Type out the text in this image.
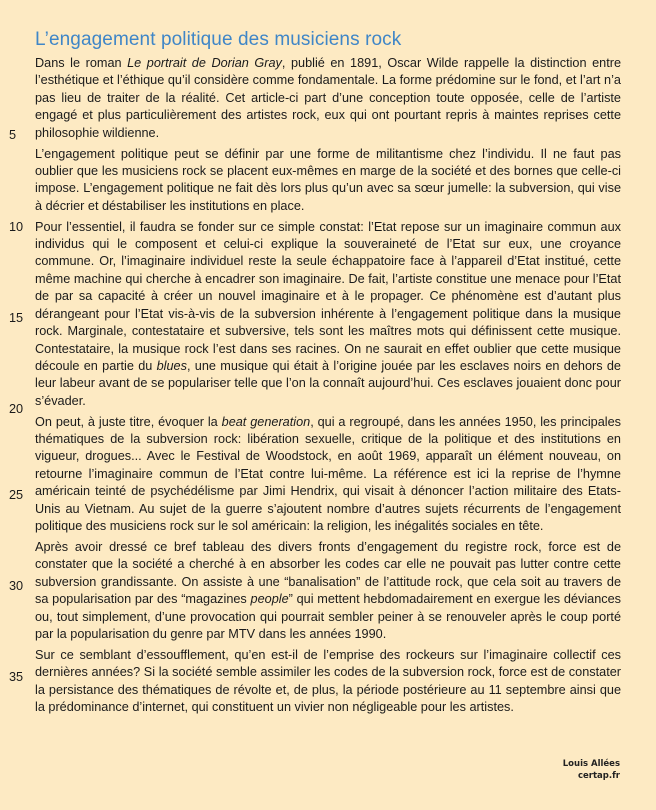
L’engagement politique des musiciens rock

Dans le roman Le portrait de Dorian Gray, publié en 1891, Oscar Wilde rappelle la distinction entre l’esthétique et l’éthique qu’il considère comme fondamentale. La forme prédomine sur le fond, et l’art n’a pas lieu de traiter de la réalité. Cet article-ci part d’une conception toute opposée, celle de l’artiste engagé et plus particulièrement des artistes rock, eux qui ont pourtant repris à maintes reprises cette philosophie wildienne.

L’engagement politique peut se définir par une forme de militantisme chez l’individu. Il ne faut pas oublier que les musiciens rock se placent eux-mêmes en marge de la société et des bornes que celle-ci impose. L’engagement politique ne fait dès lors plus qu’un avec sa sœur jumelle: la subversion, qui vise à décrier et déstabiliser les institutions en place.

Pour l’essentiel, il faudra se fonder sur ce simple constat: l’Etat repose sur un imaginaire commun aux individus qui le composent et celui-ci explique la souveraineté de l’Etat sur eux, une croyance commune. Or, l’imaginaire individuel reste la seule échappatoire face à l’appareil d’Etat institué, cette même machine qui cherche à encadrer son imaginaire. De fait, l’artiste constitue une menace pour l’Etat de par sa capacité à créer un nouvel imaginaire et à le propager. Ce phénomène est d’autant plus dérangeant pour l’Etat vis-à-vis de la subversion inhérente à l’engagement politique dans la musique rock. Marginale, contestataire et subversive, tels sont les maîtres mots qui définissent cette musique. Contestataire, la musique rock l’est dans ses racines. On ne saurait en effet oublier que cette musique découle en partie du blues, une musique qui était à l’origine jouée par les esclaves noirs en dehors de leur labeur avant de se populariser telle que l’on la connaît aujourd’hui. Ces esclaves jouaient donc pour s’évader.

On peut, à juste titre, évoquer la beat generation, qui a regroupé, dans les années 1950, les principales thématiques de la subversion rock: libération sexuelle, critique de la politique et des institutions en vigueur, drogues... Avec le Festival de Woodstock, en août 1969, apparaît un élément nouveau, on retourne l’imaginaire commun de l’Etat contre lui-même. La référence est ici la reprise de l’hymne américain teinté de psychédélisme par Jimi Hendrix, qui visait à dénoncer l’action militaire des Etats-Unis au Vietnam. Au sujet de la guerre s’ajoutent nombre d’autres sujets récurrents de l’engagement politique des musiciens rock sur le sol américain: la religion, les inégalités sociales en tête.

Après avoir dressé ce bref tableau des divers fronts d’engagement du registre rock, force est de constater que la société a cherché à en absorber les codes car elle ne pouvait pas lutter contre cette subversion grandissante. On assiste à une “banalisation” de l’attitude rock, que cela soit au travers de sa popularisation par des “magazines people” qui mettent hebdomadairement en exergue les déviances ou, tout simplement, d’une provocation qui pourrait sembler peiner à se renouveler après le coup porté par la popularisation du genre par MTV dans les années 1990.

Sur ce semblant d’essoufflement, qu’en est-il de l’emprise des rockeurs sur l’imaginaire collectif ces dernières années? Si la société semble assimiler les codes de la subversion rock, force est de constater la persistance des thématiques de révolte et, de plus, la période postérieure au 11 septembre ainsi que la prédominance d’internet, qui constituent un vivier non négligeable pour les artistes.

5
10
15
20
25
30
35
Louis Allées
certap.fr
